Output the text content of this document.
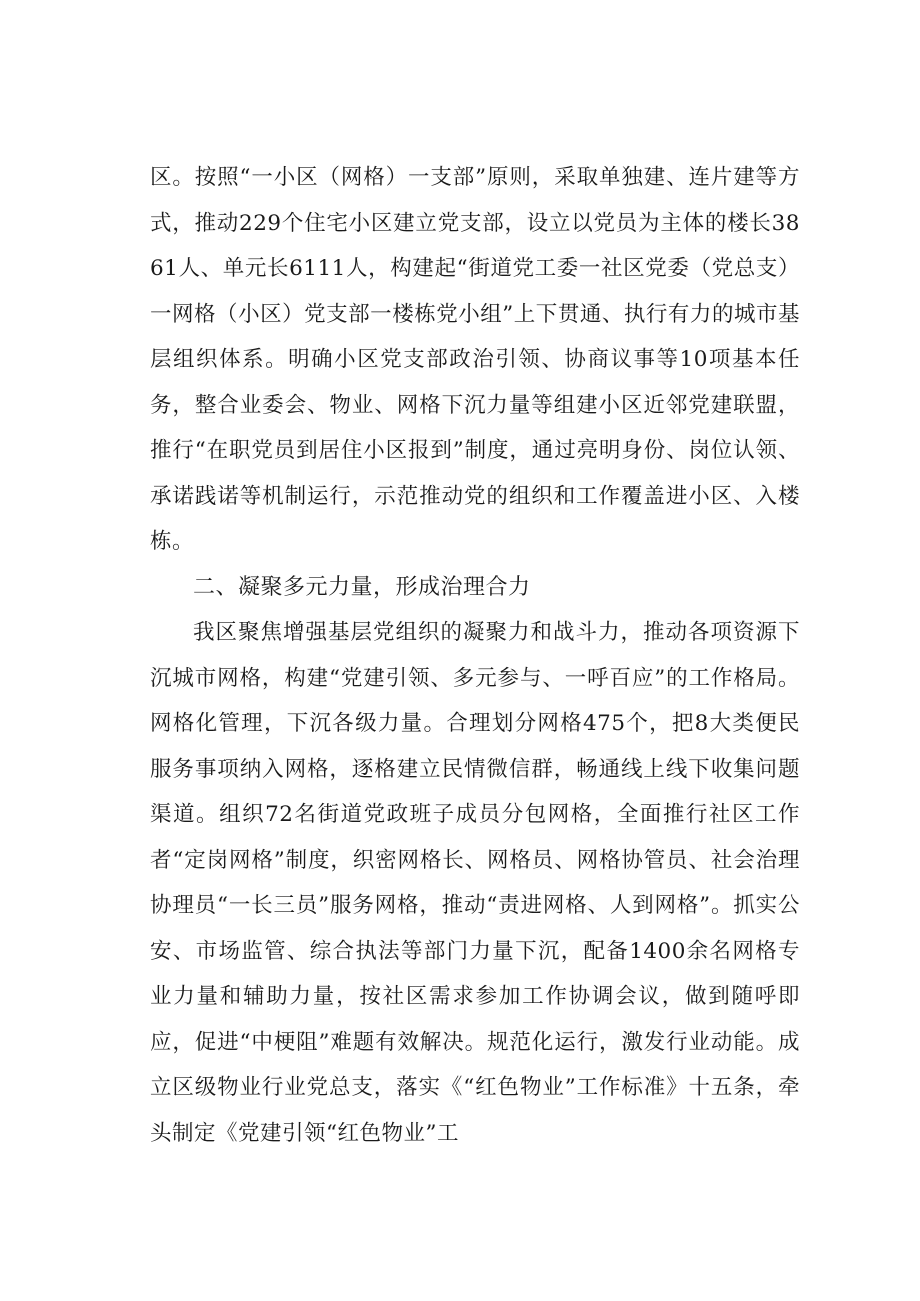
区。按照“一小区（网格）一支部”原则，采取单独建、连片建等方式，推动229个住宅小区建立党支部，设立以党员为主体的楼长3861人、单元长6111人，构建起“街道党工委一社区党委（党总支）一网格（小区）党支部一楼栋党小组”上下贯通、执行有力的城市基层组织体系。明确小区党支部政治引领、协商议事等10项基本任务，整合业委会、物业、网格下沉力量等组建小区近邻党建联盟，推行“在职党员到居住小区报到”制度，通过亮明身份、岗位认领、承诺践诺等机制运行，示范推动党的组织和工作覆盖进小区、入楼栋。

二、凝聚多元力量，形成治理合力

我区聚焦增强基层党组织的凝聚力和战斗力，推动各项资源下沉城市网格，构建“党建引领、多元参与、一呼百应”的工作格局。网格化管理，下沉各级力量。合理划分网格475个，把8大类便民服务事项纳入网格，逐格建立民情微信群，畅通线上线下收集问题渠道。组织72名街道党政班子成员分包网格，全面推行社区工作者“定岗网格”制度，织密网格长、网格员、网格协管员、社会治理协理员“一长三员”服务网格，推动“责进网格、人到网格”。抓实公安、市场监管、综合执法等部门力量下沉，配备1400余名网格专业力量和辅助力量，按社区需求参加工作协调会议，做到随呼即应，促进“中梗阻”难题有效解决。规范化运行，激发行业动能。成立区级物业行业党总支，落实《“红色物业”工作标准》十五条，牵头制定《党建引领“红色物业”工
